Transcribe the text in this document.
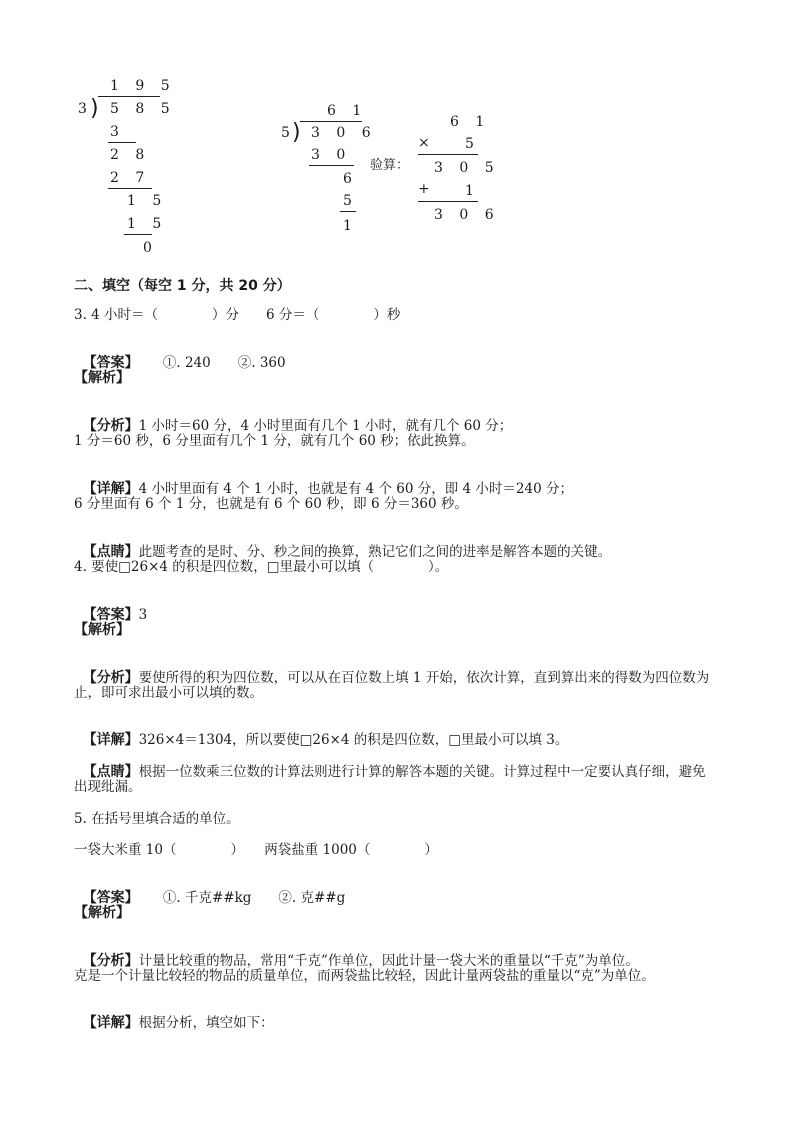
1 9 5
3
) 5 8 5
3
2 8
2 7
1 5
1 5
0
6 1
5
) 3 0 6
3 0
6
5
1
验算：
6 1
×	5
3 0 5
+	1
3 0 6
二、填空（每空 1 分，共 20 分）
3. 4 小时＝（　　　　）分　　6 分＝（　　　　）秒

【答案】　　 ①. 240　　②. 360

【解析】

【分析】1 小时＝60 分，4 小时里面有几个 1 小时，就有几个 60 分；

1 分＝60 秒，6 分里面有几个 1 分，就有几个 60 秒；依此换算。

【详解】4 小时里面有 4 个 1 小时，也就是有 4 个 60 分，即 4 小时＝240 分；

6 分里面有 6 个 1 分，也就是有 6 个 60 秒，即 6 分＝360 秒。

【点睛】此题考查的是时、分、秒之间的换算，熟记它们之间的进率是解答本题的关键。

4. 要使□26×4 的积是四位数，□里最小可以填（　　　　）。

【答案】3

【解析】

【分析】要使所得的积为四位数，可以从在百位数上填 1 开始，依次计算，直到算出来的得数为四位数为

止，即可求出最小可以填的数。

【详解】326×4＝1304，所以要使□26×4 的积是四位数，□里最小可以填 3。

【点睛】根据一位数乘三位数的计算法则进行计算的解答本题的关键。计算过程中一定要认真仔细，避免

出现纰漏。
5. 在括号里填合适的单位。
一袋大米重 10（　　　　）　　两袋盐重 1000（　　　　）

【答案】　　 ①. 千克##kg　　②. 克##g

【解析】

【分析】计量比较重的物品，常用“千克”作单位，因此计量一袋大米的重量以“千克”为单位。

克是一个计量比较轻的物品的质量单位，而两袋盐比较轻，因此计量两袋盐的重量以“克”为单位。

【详解】根据分析，填空如下：
